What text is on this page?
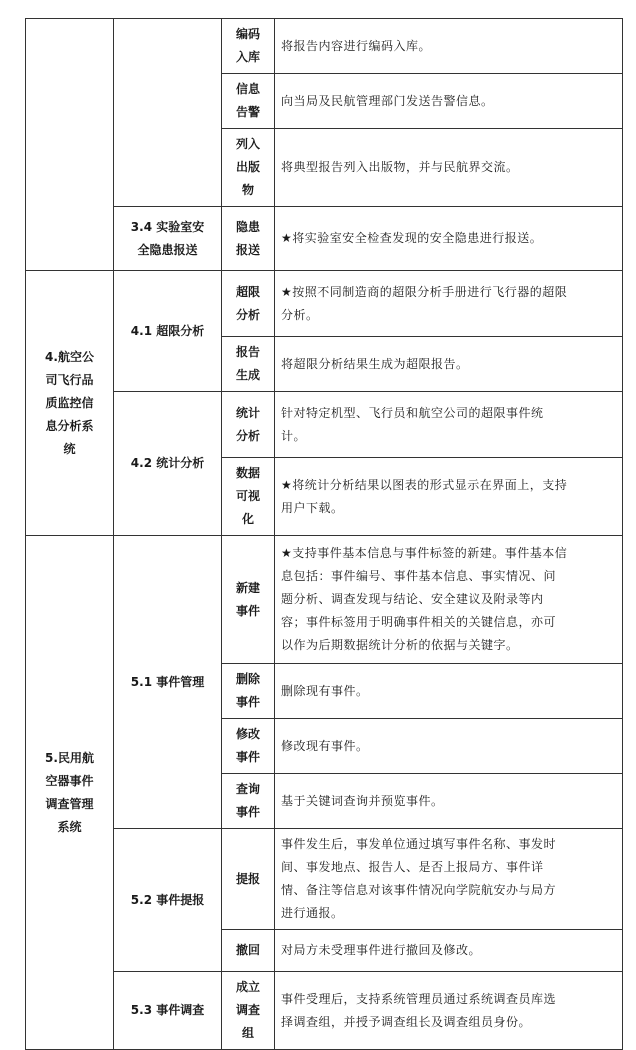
		编码
入库	将报告内容进行编码入库。

		信息
告警	向当局及民航管理部门发送告警信息。

		列入
出版
物	将典型报告列入出版物，并与民航界交流。

	3.4 实验室安
全隐患报送	隐患
报送	★将实验室安全检查发现的安全隐患进行报送。

4.航空公
司飞行品
质监控信
息分析系
统	4.1 超限分析	超限
分析	★按照不同制造商的超限分析手册进行飞行器的超限
分析。

		报告
生成	将超限分析结果生成为超限报告。
	4.2 统计分析	统计
分析	针对特定机型、飞行员和航空公司的超限事件统
计。

		数据
可视
化	★将统计分析结果以图表的形式显示在界面上，支持
用户下载。

5.民用航
空器事件
调查管理
系统	5.1 事件管理	新建
事件	★支持事件基本信息与事件标签的新建。事件基本信
息包括：事件编号、事件基本信息、事实情况、问
题分析、调查发现与结论、安全建议及附录等内
容；事件标签用于明确事件相关的关键信息，亦可
以作为后期数据统计分析的依据与关键字。

		删除
事件	删除现有事件。

		修改
事件	修改现有事件。

		查询
事件	基于关键词查询并预览事件。
	5.2 事件提报	提报	事件发生后，事发单位通过填写事件名称、事发时
间、事发地点、报告人、是否上报局方、事件详
情、备注等信息对该事件情况向学院航安办与局方
进行通报。

		撤回	对局方未受理事件进行撤回及修改。
	5.3 事件调查	成立
调查
组	事件受理后，支持系统管理员通过系统调查员库选
择调查组，并授予调查组长及调查组员身份。
